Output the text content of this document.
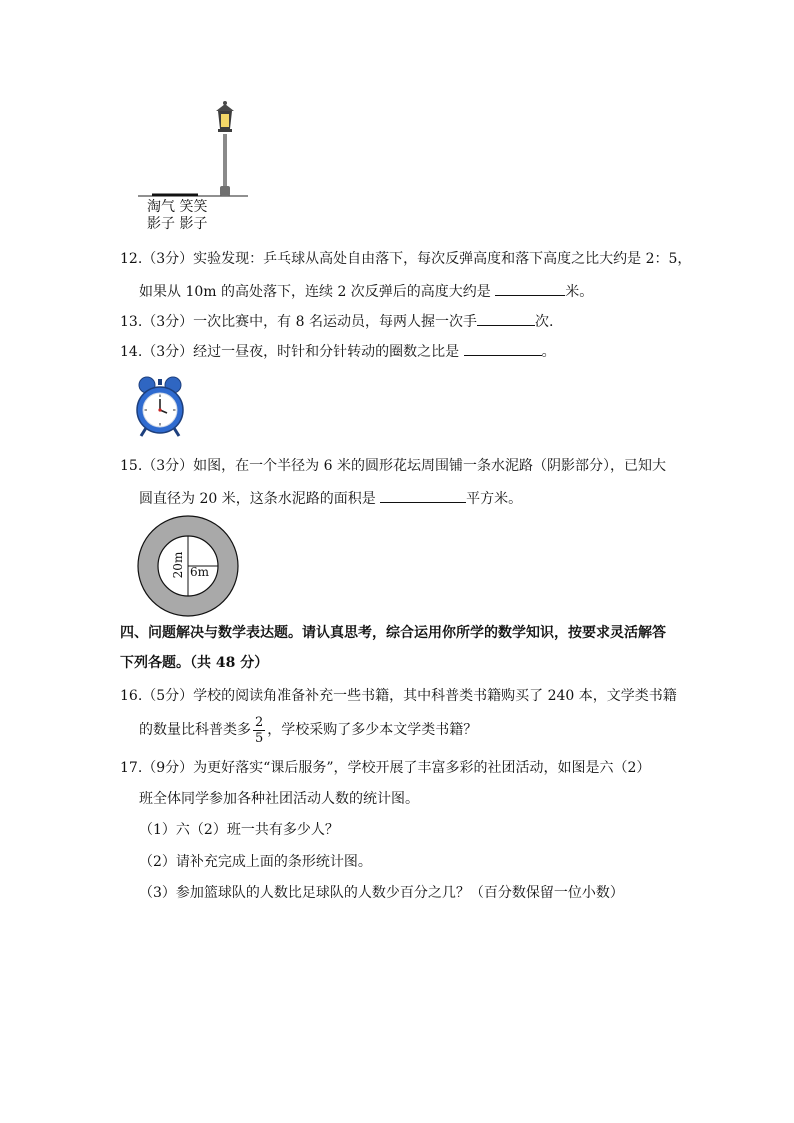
淘气 笑笑
影子 影子
12.（3分）实验发现：乒乓球从高处自由落下，每次反弹高度和落下高度之比大约是 2：5，
如果从 10m 的高处落下，连续 2 次反弹后的高度大约是	米。
13.（3分）一次比赛中，有 8 名运动员，每两人握一次手	次.
14.（3分）经过一昼夜，时针和分针转动的圈数之比是	。
15.（3分）如图，在一个半径为 6 米的圆形花坛周围铺一条水泥路（阴影部分），已知大
圆直径为 20 米，这条水泥路的面积是	平方米。
20m 6m
四、问题解决与数学表达题。请认真思考，综合运用你所学的数学知识，按要求灵活解答
下列各题。（共 48 分）
16.（5分）学校的阅读角准备补充一些书籍，其中科普类书籍购买了 240 本，文学类书籍
的数量比科普类多 $\frac{2}{5}$ ，学校采购了多少本文学类书籍？
17.（9分）为更好落实“课后服务”，学校开展了丰富多彩的社团活动，如图是六（2）
班全体同学参加各种社团活动人数的统计图。
（1）六（2）班一共有多少人？
（2）请补充完成上面的条形统计图。
（3）参加篮球队的人数比足球队的人数少百分之几？（百分数保留一位小数）
